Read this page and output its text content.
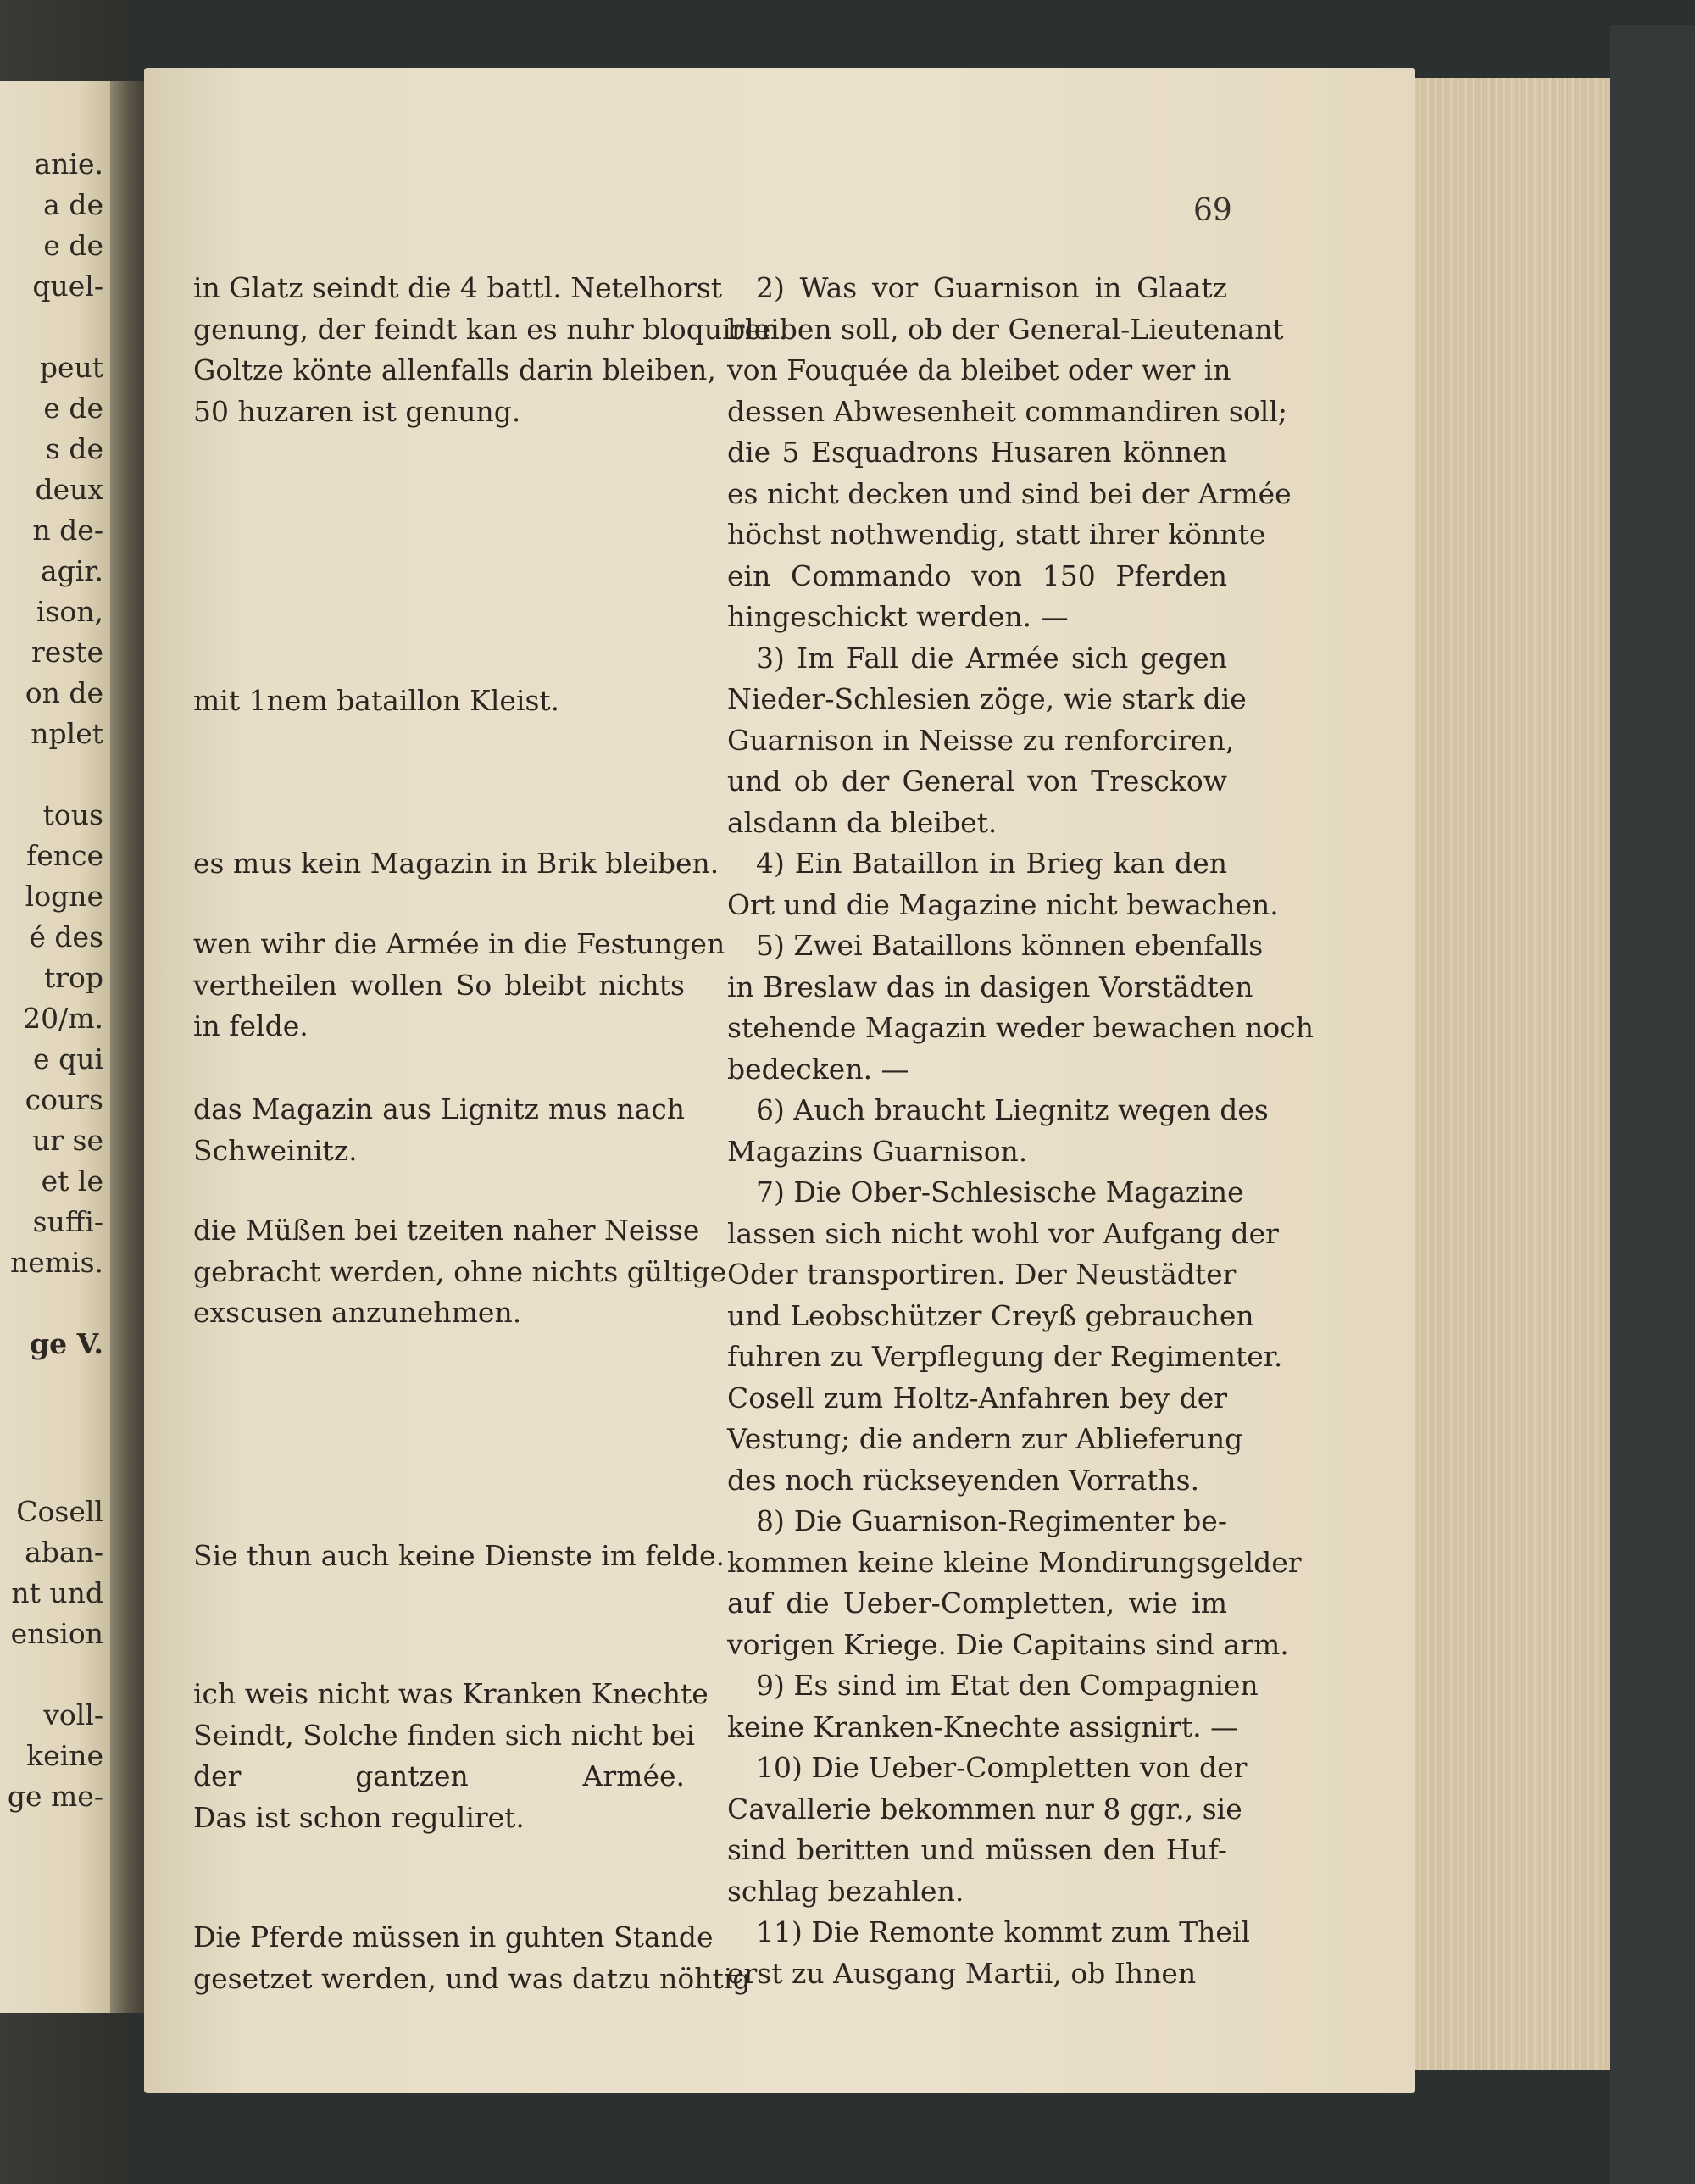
anie.
a de
e de
quel-
peut
e de
s de
deux
n de-
agir.
ison,
reste
on de
nplet
tous
fence
logne
é des
trop
20/m.
e qui
cours
ur se
et le
suffi-
nemis.
ge V.
Cosell
aban-
nt und
ension
voll-
keine
ge me-
69
in Glatz seindt die 4 battl. Netelhorst
genung, der feindt kan es nuhr bloquiren.
Goltze könte allenfalls darin bleiben,
50 huzaren ist genung.
mit 1nem bataillon Kleist.
es mus kein Magazin in Brik bleiben.
wen wihr die Armée in die Festungen
vertheilen wollen So bleibt nichts
in felde.
das Magazin aus Lignitz mus nach
Schweinitz.
die Müßen bei tzeiten naher Neisse
gebracht werden, ohne nichts gültige
exscusen anzunehmen.
Sie thun auch keine Dienste im felde.
ich weis nicht was Kranken Knechte
Seindt, Solche finden sich nicht bei
der gantzen Armée.
Das ist schon reguliret.
Die Pferde müssen in guhten Stande
gesetzet werden, und was datzu nöhtig
2) Was vor Guarnison in Glaatz
bleiben soll, ob der General-Lieutenant
von Fouquée da bleibet oder wer in
dessen Abwesenheit commandiren soll;
die 5 Esquadrons Husaren können
es nicht decken und sind bei der Armée
höchst nothwendig, statt ihrer könnte
ein Commando von 150 Pferden
hingeschickt werden. —
3) Im Fall die Armée sich gegen
Nieder-Schlesien zöge, wie stark die
Guarnison in Neisse zu renforciren,
und ob der General von Tresckow
alsdann da bleibet.
4) Ein Bataillon in Brieg kan den
Ort und die Magazine nicht bewachen.
5) Zwei Bataillons können ebenfalls
in Breslaw das in dasigen Vorstädten
stehende Magazin weder bewachen noch
bedecken. —
6) Auch braucht Liegnitz wegen des
Magazins Guarnison.
7) Die Ober-Schlesische Magazine
lassen sich nicht wohl vor Aufgang der
Oder transportiren. Der Neustädter
und Leobschützer Creyß gebrauchen
fuhren zu Verpflegung der Regimenter.
Cosell zum Holtz-Anfahren bey der
Vestung; die andern zur Ablieferung
des noch rückseyenden Vorraths.
8) Die Guarnison-Regimenter be-
kommen keine kleine Mondirungsgelder
auf die Ueber-Completten, wie im
vorigen Kriege. Die Capitains sind arm.
9) Es sind im Etat den Compagnien
keine Kranken-Knechte assignirt. —
10) Die Ueber-Completten von der
Cavallerie bekommen nur 8 ggr., sie
sind beritten und müssen den Huf-
schlag bezahlen.
11) Die Remonte kommt zum Theil
erst zu Ausgang Martii, ob Ihnen
